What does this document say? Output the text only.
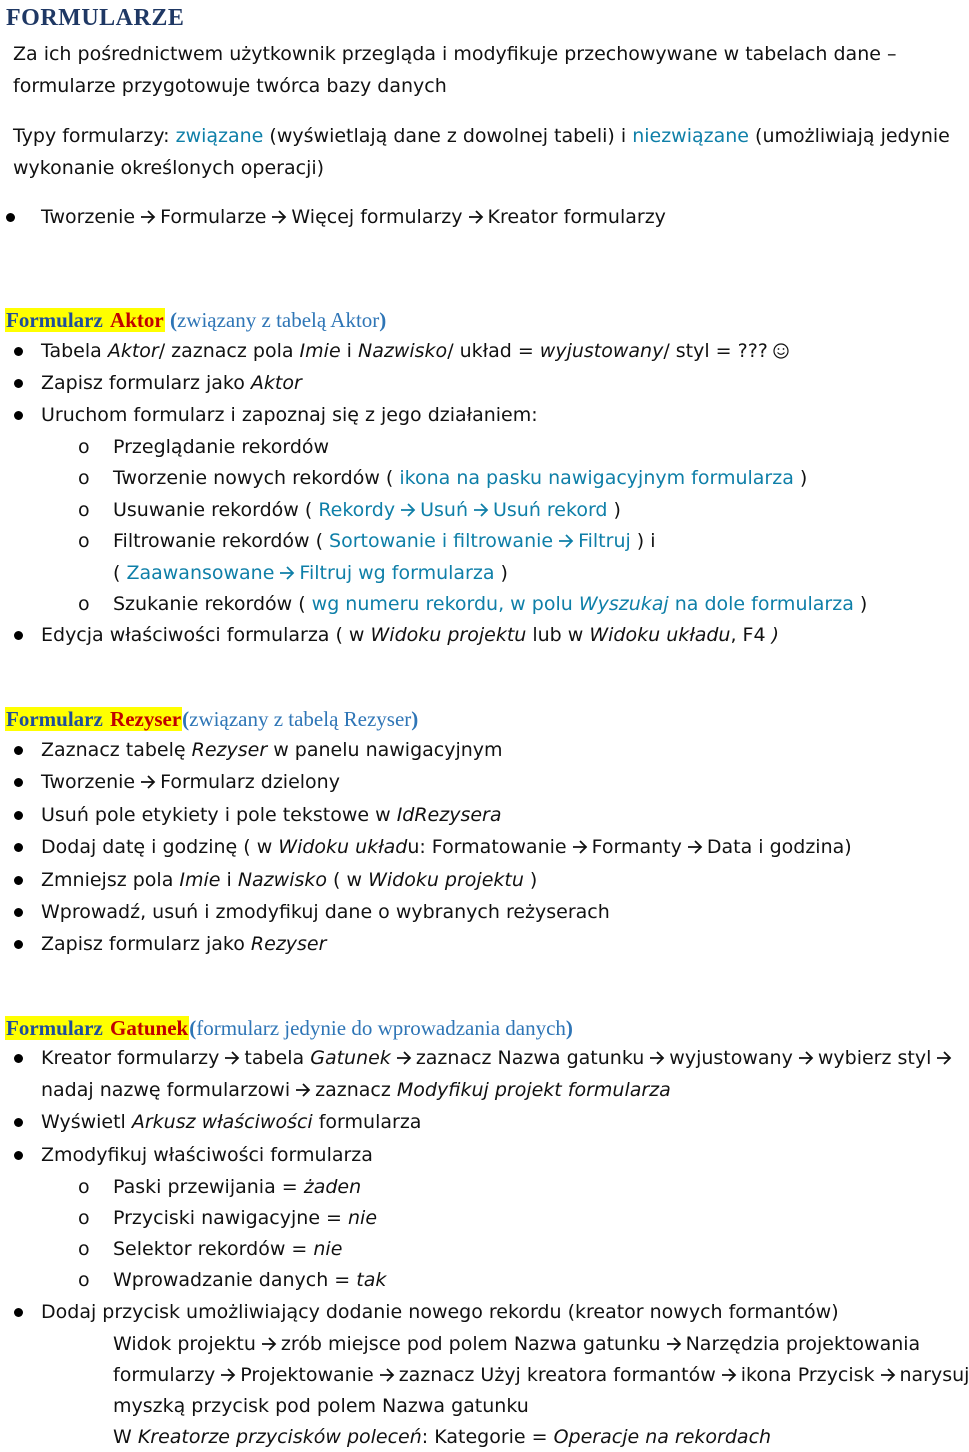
FORMULARZE
Za ich pośrednictwem użytkownik przegląda i modyfikuje przechowywane w tabelach dane – formularze przygotowuje twórca bazy danych
Typy formularzy: związane (wyświetlają dane z dowolnej tabeli) i niezwiązane (umożliwiają jedynie wykonanie określonych operacji)
Tworzenie Formularze Więcej formularzy Kreator formularzy
Formularz Aktor (związany z tabelą Aktor)
Tabela Aktor/ zaznacz pola Imie i Nazwisko/ układ = wyjustowany/ styl = ???
Zapisz formularz jako Aktor
Uruchom formularz i zapoznaj się z jego działaniem:
o Przeglądanie rekordów
o Tworzenie nowych rekordów ( ikona na pasku nawigacyjnym formularza )
o Usuwanie rekordów ( Rekordy Usuń Usuń rekord )
o Filtrowanie rekordów ( Sortowanie i filtrowanie Filtruj ) i
( Zaawansowane Filtruj wg formularza )
o Szukanie rekordów ( wg numeru rekordu, w polu Wyszukaj na dole formularza )
Edycja właściwości formularza ( w Widoku projektu lub w Widoku układu, F4 )
Formularz Rezyser(związany z tabelą Rezyser)
Zaznacz tabelę Rezyser w panelu nawigacyjnym
Tworzenie Formularz dzielony
Usuń pole etykiety i pole tekstowe w IdRezysera
Dodaj datę i godzinę ( w Widoku układu: Formatowanie Formanty Data i godzina)
Zmniejsz pola Imie i Nazwisko ( w Widoku projektu )
Wprowadź, usuń i zmodyfikuj dane o wybranych reżyserach
Zapisz formularz jako Rezyser
Formularz Gatunek(formularz jedynie do wprowadzania danych)
Kreator formularzy tabela Gatunek zaznacz Nazwa gatunku wyjustowany wybierz styl
nadaj nazwę formularzowi zaznacz Modyfikuj projekt formularza
Wyświetl Arkusz właściwości formularza
Zmodyfikuj właściwości formularza
o Paski przewijania = żaden
o Przyciski nawigacyjne = nie
o Selektor rekordów = nie
o Wprowadzanie danych = tak
Dodaj przycisk umożliwiający dodanie nowego rekordu (kreator nowych formantów)
Widok projektu zrób miejsce pod polem Nazwa gatunku Narzędzia projektowania
formularzy Projektowanie zaznacz Użyj kreatora formantów ikona Przycisk narysuj
myszką przycisk pod polem Nazwa gatunku
W Kreatorze przycisków poleceń: Kategorie = Operacje na rekordach
